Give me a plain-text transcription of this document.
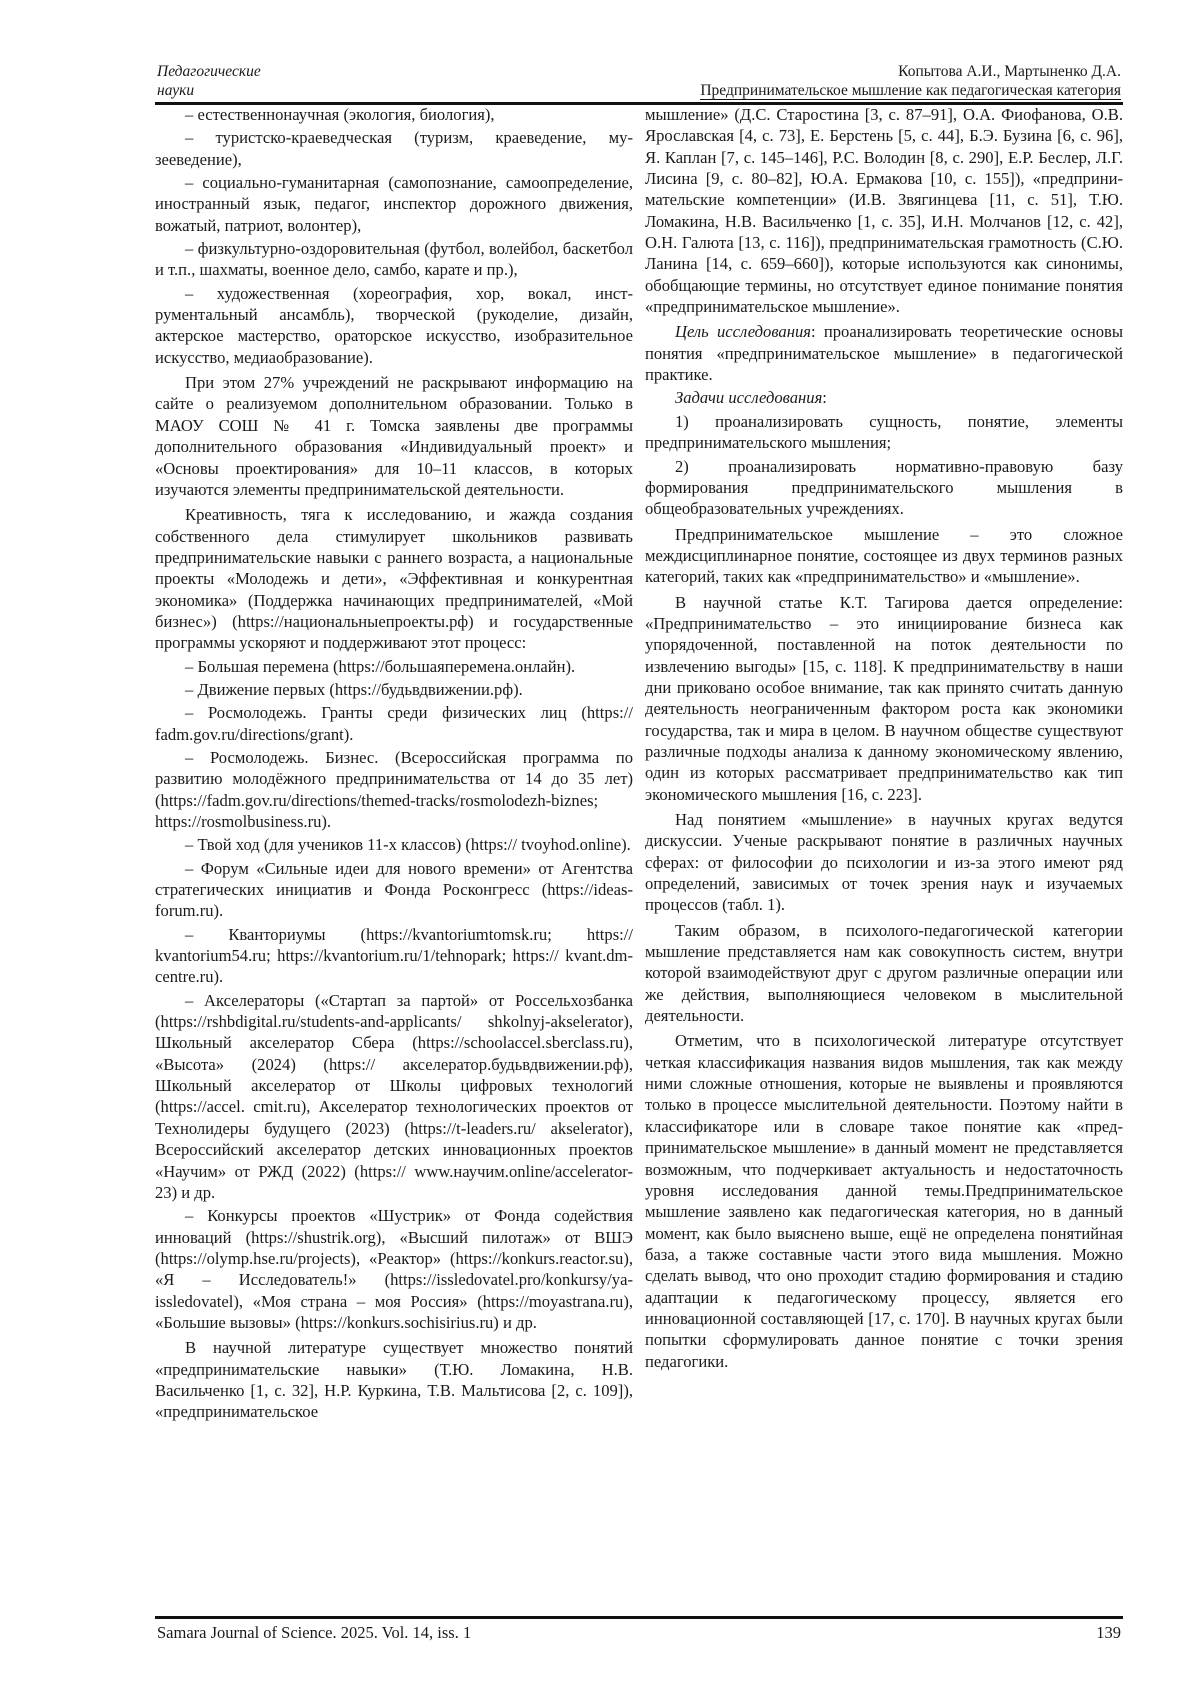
Педагогические
науки
Копытова А.И., Мартыненко Д.А.
Предпринимательское мышление как педагогическая категория

– естественнонаучная (экология, биология),

– туристско-краеведческая (туризм, краеведение, музееведение),

– социально-гуманитарная (самопознание, самоопределение, иностранный язык, педагог, инспектор дорожного движения, вожатый, патриот, волонтер),

– физкультурно-оздоровительная (футбол, волейбол, баскетбол и т.п., шахматы, военное дело, самбо, карате и пр.),

– художественная (хореография, хор, вокал, инструментальный ансамбль), творческой (рукоделие, дизайн, актерское мастерство, ораторское искусство, изобразительное искусство, медиаобразование).

При этом 27% учреждений не раскрывают информацию на сайте о реализуемом дополнительном образовании. Только в МАОУ СОШ № 41 г. Томска заявлены две программы дополнительного образования «Индивидуальный проект» и «Основы проектирования» для 10–11 классов, в которых изучаются элементы предпринимательской деятельности.

Креативность, тяга к исследованию, и жажда создания собственного дела стимулирует школьников развивать предпринимательские навыки с раннего возраста, а национальные проекты «Молодежь и дети», «Эффективная и конкурентная экономика» (Поддержка начинающих предпринимателей, «Мой бизнес») (https://национальныепроекты.рф) и государственные программы ускоряют и поддерживают этот процесс:

– Большая перемена (https://большаяперемена.онлайн).

– Движение первых (https://будьвдвижении.рф).

– Росмолодежь. Гранты среди физических лиц (https:// fadm.gov.ru/directions/grant).

– Росмолодежь. Бизнес. (Всероссийская программа по развитию молодёжного предпринимательства от 14 до 35 лет) (https://fadm.gov.ru/directions/themed-tracks/rosmolodezh-biznes; https://rosmolbusiness.ru).

– Твой ход (для учеников 11-х классов) (https:// tvoyhod.online).

– Форум «Сильные идеи для нового времени» от Агентства стратегических инициатив и Фонда Росконгресс (https://ideas-forum.ru).

– Кванториумы (https://kvantoriumtomsk.ru; https:// kvantorium54.ru; https://kvantorium.ru/1/tehnopark; https:// kvant.dm-centre.ru).

– Акселераторы («Стартап за партой» от Россельхозбанка (https://rshbdigital.ru/students-and-applicants/ shkolnyj-akselerator), Школьный акселератор Сбера (https://schoolaccel.sberclass.ru), «Высота» (2024) (https:// акселератор.будьвдвижении.рф), Школьный акселератор от Школы цифровых технологий (https://accel. cmit.ru), Акселератор технологических проектов от Технолидеры будущего (2023) (https://t-leaders.ru/ akselerator), Всероссийский акселератор детских инновационных проектов «Научим» от РЖД (2022) (https:// www.научим.online/accelerator-23) и др.

– Конкурсы проектов «Шустрик» от Фонда содействия инноваций (https://shustrik.org), «Высший пилотаж» от ВШЭ (https://olymp.hse.ru/projects), «Реактор» (https://konkurs.reactor.su), «Я – Исследователь!» (https://issledovatel.pro/konkursy/ya-issledovatel), «Моя страна – моя Россия» (https://moyastrana.ru), «Большие вызовы» (https://konkurs.sochisirius.ru) и др.

В научной литературе существует множество понятий «предпринимательские навыки» (Т.Ю. Ломакина, Н.В. Васильченко [1, с. 32], Н.Р. Куркина, Т.В. Мальтисова [2, с. 109]), «предпринимательское

мышление» (Д.С. Старостина [3, с. 87–91], О.А. Фиофанова, О.В. Ярославская [4, с. 73], Е. Берстень [5, с. 44], Б.Э. Бузина [6, с. 96], Я. Каплан [7, с. 145–146], Р.С. Володин [8, с. 290], Е.Р. Беслер, Л.Г. Лисина [9, с. 80–82], Ю.А. Ермакова [10, с. 155]), «предпринимательские компетенции» (И.В. Звягинцева [11, с. 51], Т.Ю. Ломакина, Н.В. Васильченко [1, с. 35], И.Н. Молчанов [12, с. 42], О.Н. Галюта [13, с. 116]), предпринимательская грамотность (С.Ю. Ланина [14, с. 659–660]), которые используются как синонимы, обобщающие термины, но отсутствует единое понимание понятия «предпринимательское мышление».

Цель исследования: проанализировать теоретические основы понятия «предпринимательское мышление» в педагогической практике.

Задачи исследования:

1) проанализировать сущность, понятие, элементы предпринимательского мышления;

2) проанализировать нормативно-правовую базу формирования предпринимательского мышления в общеобразовательных учреждениях.

Предпринимательское мышление – это сложное междисциплинарное понятие, состоящее из двух терминов разных категорий, таких как «предпринимательство» и «мышление».

В научной статье К.Т. Тагирова дается определение: «Предпринимательство – это инициирование бизнеса как упорядоченной, поставленной на поток деятельности по извлечению выгоды» [15, с. 118]. К предпринимательству в наши дни приковано особое внимание, так как принято считать данную деятельность неограниченным фактором роста как экономики государства, так и мира в целом. В научном обществе существуют различные подходы анализа к данному экономическому явлению, один из которых рассматривает предпринимательство как тип экономического мышления [16, с. 223].

Над понятием «мышление» в научных кругах ведутся дискуссии. Ученые раскрывают понятие в различных научных сферах: от философии до психологии и из-за этого имеют ряд определений, зависимых от точек зрения наук и изучаемых процессов (табл. 1).

Таким образом, в психолого-педагогической категории мышление представляется нам как совокупность систем, внутри которой взаимодействуют друг с другом различные операции или же действия, выполняющиеся человеком в мыслительной деятельности.

Отметим, что в психологической литературе отсутствует четкая классификация названия видов мышления, так как между ними сложные отношения, которые не выявлены и проявляются только в процессе мыслительной деятельности. Поэтому найти в классификаторе или в словаре такое понятие как «предпринимательское мышление» в данный момент не представляется возможным, что подчеркивает актуальность и недостаточность уровня исследования данной темы.Предпринимательское мышление заявлено как педагогическая категория, но в данный момент, как было выяснено выше, ещё не определена понятийная база, а также составные части этого вида мышления. Можно сделать вывод, что оно проходит стадию формирования и стадию адаптации к педагогическому процессу, является его инновационной составляющей [17, с. 170]. В научных кругах были попытки сформулировать данное понятие с точки зрения педагогики.

Samara Journal of Science. 2025. Vol. 14, iss. 1	139
